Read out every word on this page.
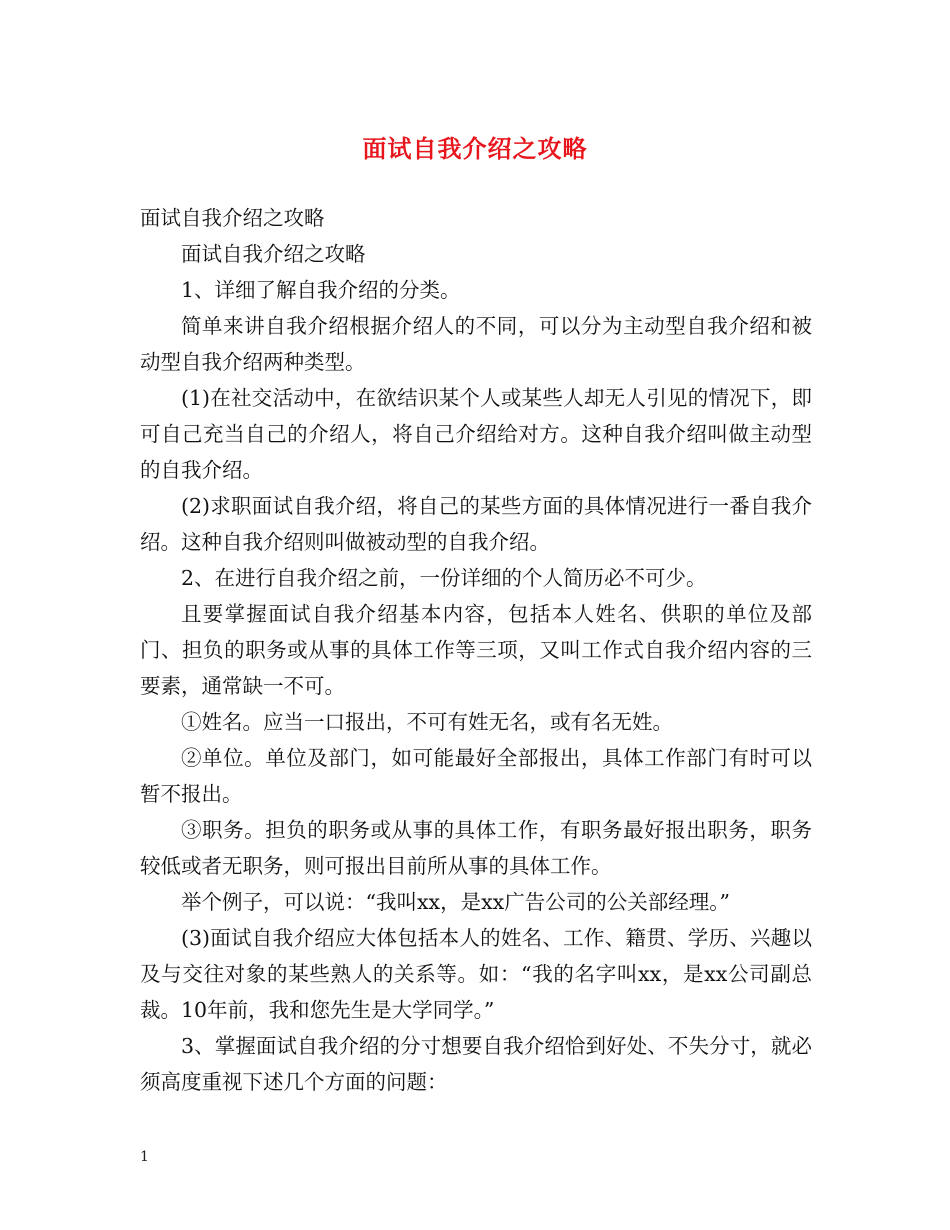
面试自我介绍之攻略

面试自我介绍之攻略

面试自我介绍之攻略

1、详细了解自我介绍的分类。

简单来讲自我介绍根据介绍人的不同，可以分为主动型自我介绍和被动型自我介绍两种类型。

(1)在社交活动中，在欲结识某个人或某些人却无人引见的情况下，即可自己充当自己的介绍人，将自己介绍给对方。这种自我介绍叫做主动型的自我介绍。

(2)求职面试自我介绍，将自己的某些方面的具体情况进行一番自我介绍。这种自我介绍则叫做被动型的自我介绍。

2、在进行自我介绍之前，一份详细的个人简历必不可少。

且要掌握面试自我介绍基本内容，包括本人姓名、供职的单位及部门、担负的职务或从事的具体工作等三项，又叫工作式自我介绍内容的三要素，通常缺一不可。

①姓名。应当一口报出，不可有姓无名，或有名无姓。

②单位。单位及部门，如可能最好全部报出，具体工作部门有时可以暂不报出。

③职务。担负的职务或从事的具体工作，有职务最好报出职务，职务较低或者无职务，则可报出目前所从事的具体工作。

举个例子，可以说：“我叫xx，是xx广告公司的公关部经理。”

(3)面试自我介绍应大体包括本人的姓名、工作、籍贯、学历、兴趣以及与交往对象的某些熟人的关系等。如：“我的名字叫xx，是xx公司副总裁。10年前，我和您先生是大学同学。”

3、掌握面试自我介绍的分寸想要自我介绍恰到好处、不失分寸，就必须高度重视下述几个方面的问题：

1
